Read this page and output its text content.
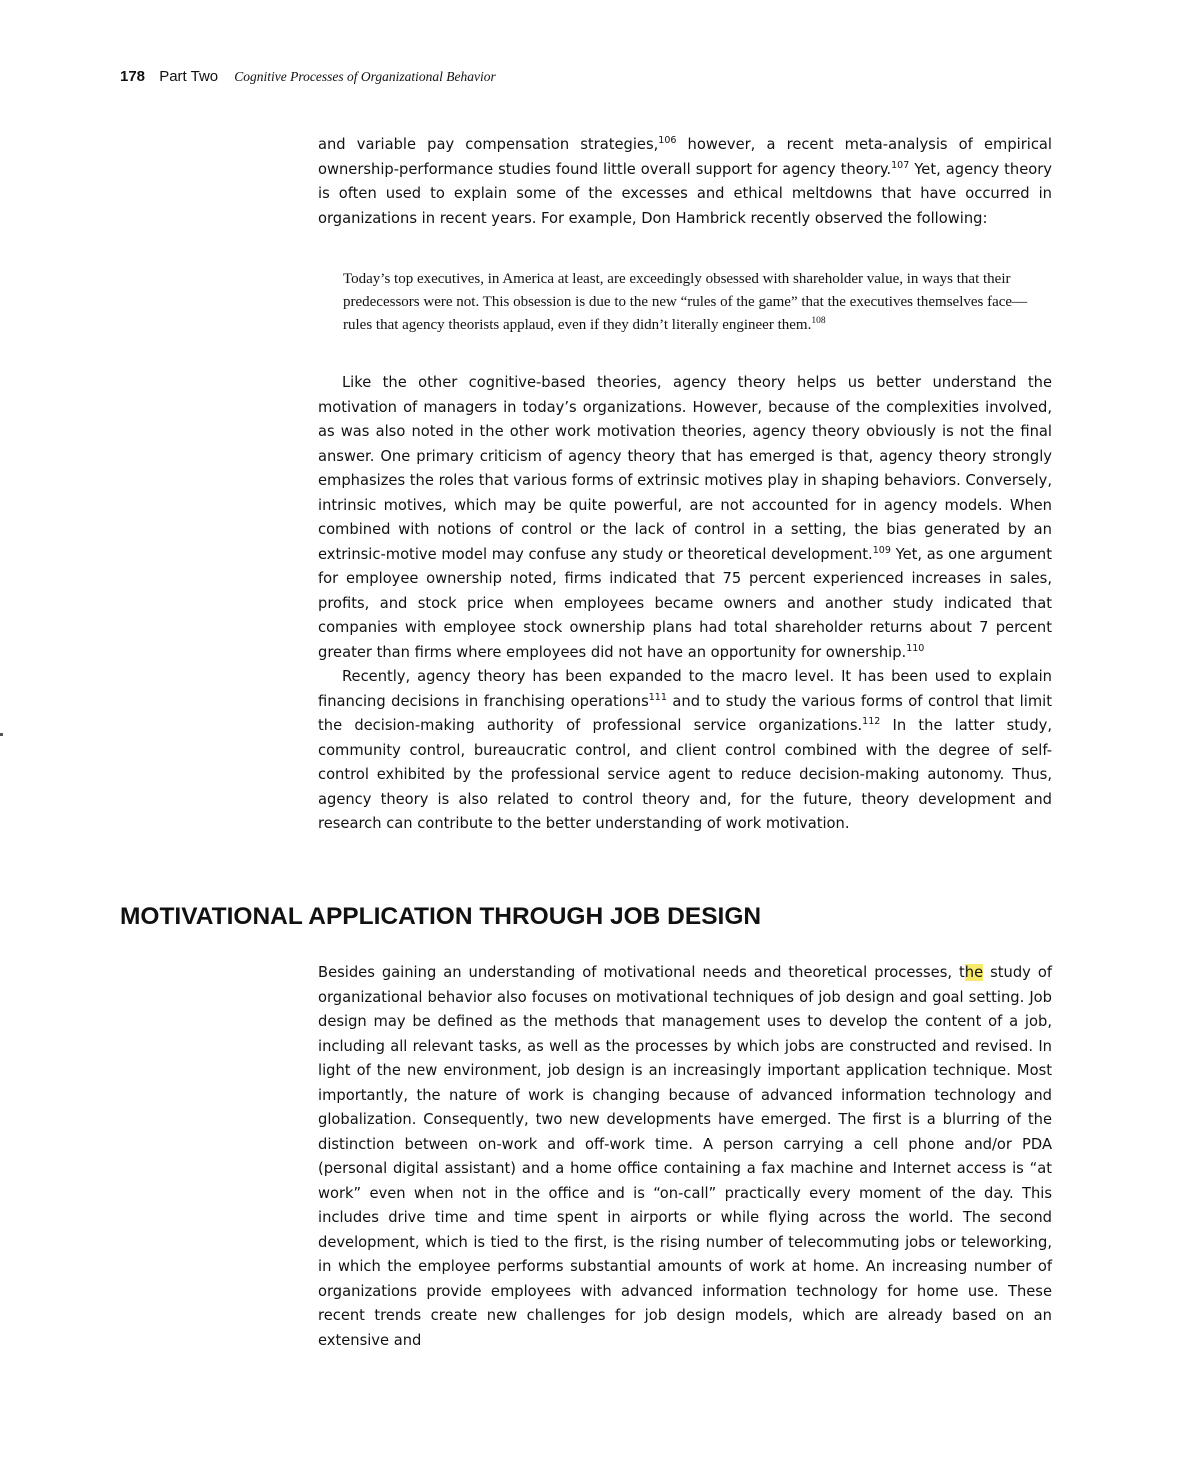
178 Part Two Cognitive Processes of Organizational Behavior

and variable pay compensation strategies,$^{106}$ however, a recent meta-analysis of empirical ownership-performance studies found little overall support for agency theory.$^{107}$ Yet, agency theory is often used to explain some of the excesses and ethical meltdowns that have occurred in organizations in recent years. For example, Don Hambrick recently observed the following:

Today’s top executives, in America at least, are exceedingly obsessed with shareholder value, in ways that their predecessors were not. This obsession is due to the new “rules of the game” that the executives themselves face—rules that agency theorists applaud, even if they didn’t literally engineer them.$^{108}$

Like the other cognitive-based theories, agency theory helps us better understand the motivation of managers in today’s organizations. However, because of the complexities involved, as was also noted in the other work motivation theories, agency theory obviously is not the final answer. One primary criticism of agency theory that has emerged is that, agency theory strongly emphasizes the roles that various forms of extrinsic motives play in shaping behaviors. Conversely, intrinsic motives, which may be quite powerful, are not accounted for in agency models. When combined with notions of control or the lack of control in a setting, the bias generated by an extrinsic-motive model may confuse any study or theoretical development.$^{109}$ Yet, as one argument for employee ownership noted, firms indicated that 75 percent experienced increases in sales, profits, and stock price when employees became owners and another study indicated that companies with employee stock ownership plans had total shareholder returns about 7 percent greater than firms where employees did not have an opportunity for ownership.$^{110}$

Recently, agency theory has been expanded to the macro level. It has been used to explain financing decisions in franchising operations$^{111}$ and to study the various forms of control that limit the decision-making authority of professional service organizations.$^{112}$ In the latter study, community control, bureaucratic control, and client control combined with the degree of self-control exhibited by the professional service agent to reduce decision-making autonomy. Thus, agency theory is also related to control theory and, for the future, theory development and research can contribute to the better understanding of work motivation.

MOTIVATIONAL APPLICATION THROUGH JOB DESIGN

Besides gaining an understanding of motivational needs and theoretical processes, the study of organizational behavior also focuses on motivational techniques of job design and goal setting. Job design may be defined as the methods that management uses to develop the content of a job, including all relevant tasks, as well as the processes by which jobs are constructed and revised. In light of the new environment, job design is an increasingly important application technique. Most importantly, the nature of work is changing because of advanced information technology and globalization. Consequently, two new developments have emerged. The first is a blurring of the distinction between on-work and off-work time. A person carrying a cell phone and/or PDA (personal digital assistant) and a home office containing a fax machine and Internet access is “at work” even when not in the office and is “on-call” practically every moment of the day. This includes drive time and time spent in airports or while flying across the world. The second development, which is tied to the first, is the rising number of telecommuting jobs or teleworking, in which the employee performs substantial amounts of work at home. An increasing number of organizations provide employees with advanced information technology for home use. These recent trends create new challenges for job design models, which are already based on an extensive and
